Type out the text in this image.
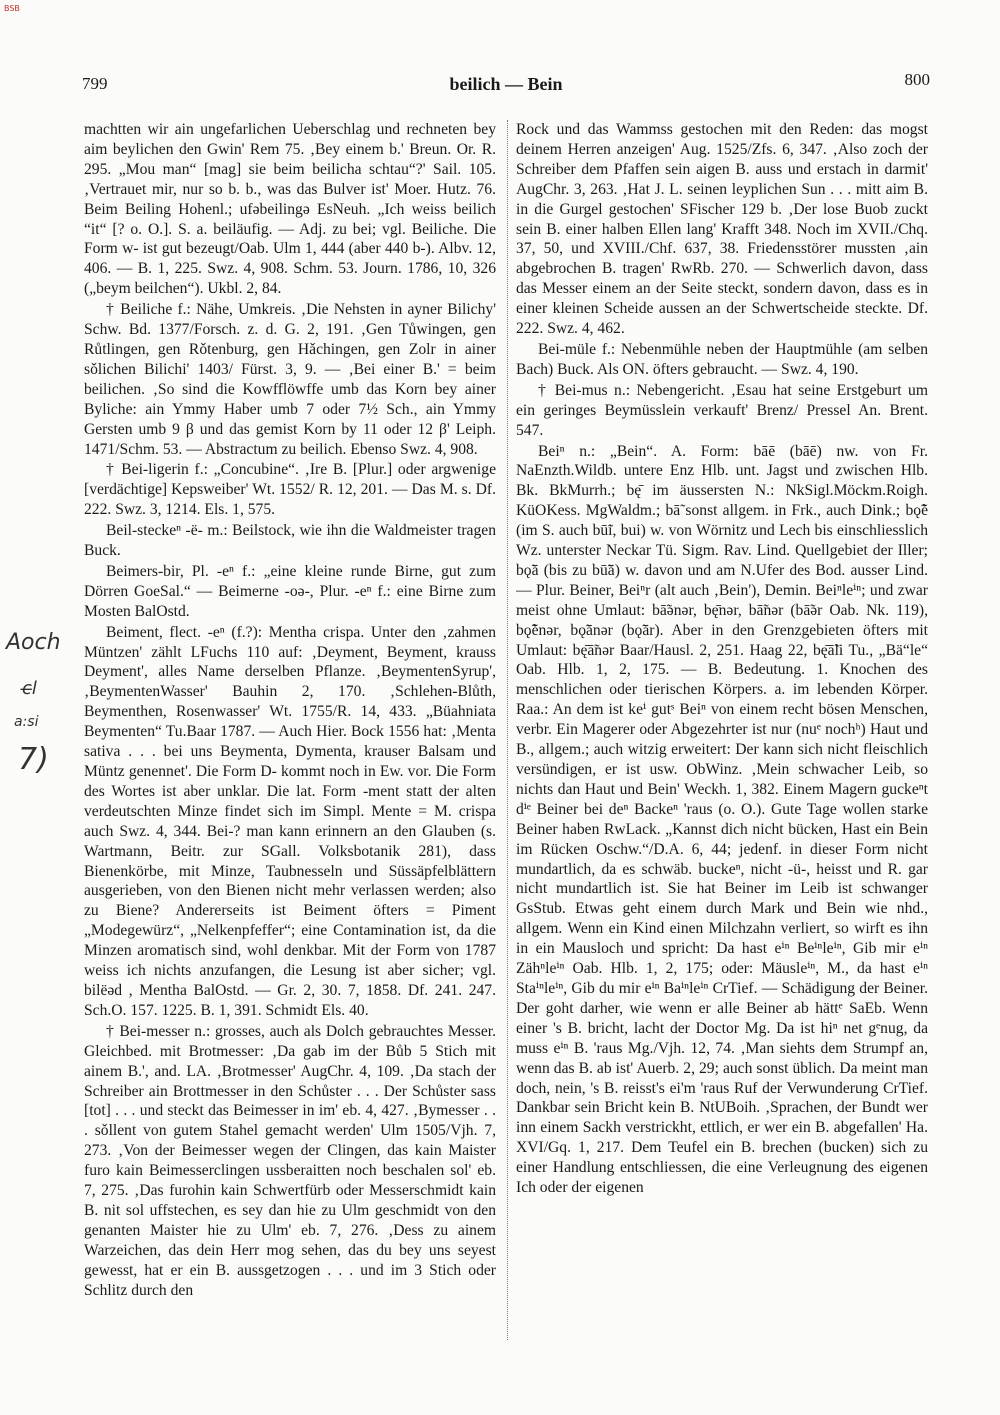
BSB
799	beilich — Bein	800
Aoch
c̶l
a:si
7)

machtten wir ain ungefarlichen Ueberschlag und rechneten bey aim beylichen den Gwin' Rem 75. ‚Bey einem b.' Breun. Or. R. 295. „Mou man“ [mag] sie beim beilicha schtau“?' Sail. 105. ‚Vertrauet mir, nur so b. b., was das Bulver ist' Moer. Hutz. 76. Beim Beiling Hohenl.; ufǝbeilingǝ EsNeuh. „Ich weiss beilich “it“ [? o. O.]. S. a. beiläufig. — Adj. zu bei; vgl. Beiliche. Die Form w- ist gut bezeugt/Oab. Ulm 1, 444 (aber 440 b-). Albv. 12, 406. — B. 1, 225. Swz. 4, 908. Schm. 53. Journ. 1786, 10, 326 („beym beilchen“). Ukbl. 2, 84.

† Beiliche f.: Nähe, Umkreis. ‚Die Nehsten in ayner Bilichy' Schw. Bd. 1377/Forsch. z. d. G. 2, 191. ‚Gen Tůwingen, gen Růtlingen, gen Rǒtenburg, gen Hǎchingen, gen Zolr in ainer sǒlichen Bilichi' 1403/ Fürst. 3, 9. — ‚Bei einer B.' = beim beilichen. ‚So sind die Kowfflöwffe umb das Korn bey ainer Byliche: ain Ymmy Haber umb 7 oder 7½ Sch., ain Ymmy Gersten umb 9 β und das gemist Korn by 11 oder 12 β' Leiph. 1471/Schm. 53. — Abstractum zu beilich. Ebenso Swz. 4, 908.

† Bei-ligerin f.: „Concubine“. ‚Ire B. [Plur.] oder argwenige [verdächtige] Kepsweiber' Wt. 1552/ R. 12, 201. — Das M. s. Df. 222. Swz. 3, 1214. Els. 1, 575.

Beil-steckeⁿ -ë- m.: Beilstock, wie ihn die Waldmeister tragen Buck.

Beimers-bir, Pl. -eⁿ f.: „eine kleine runde Birne, gut zum Dörren GoeSal.“ — Beimerne -oǝ-, Plur. -eⁿ f.: eine Birne zum Mosten BalOstd.

Beiment, flect. -eⁿ (f.?): Mentha crispa. Unter den ‚zahmen Müntzen' zählt LFuchs 110 auf: ‚Deyment, Beyment, krauss Deyment', alles Name derselben Pflanze. ‚BeymentenSyrup', ‚BeymentenWasser' Bauhin 2, 170. ‚Schlehen-Blůth, Beymenthen, Rosenwasser' Wt. 1755/R. 14, 433. „Büahniata Beymenten“ Tu.Baar 1787. — Auch Hier. Bock 1556 hat: ‚Menta sativa . . . bei uns Beymenta, Dymenta, krauser Balsam und Müntz genennet'. Die Form D- kommt noch in Ew. vor. Die Form des Wortes ist aber unklar. Die lat. Form -ment statt der alten verdeutschten Minze findet sich im Simpl. Mente = M. crispa auch Swz. 4, 344. Bei-? man kann erinnern an den Glauben (s. Wartmann, Beitr. zur SGall. Volksbotanik 281), dass Bienenkörbe, mit Minze, Taubnesseln und Süssäpfelblättern ausgerieben, von den Bienen nicht mehr verlassen werden; also zu Biene? Andererseits ist Beiment öfters = Piment „Modegewürz“, „Nelkenpfeffer“; eine Contamination ist, da die Minzen aromatisch sind, wohl denkbar. Mit der Form von 1787 weiss ich nichts anzufangen, die Lesung ist aber sicher; vgl. bilëǝd , Mentha BalOstd. — Gr. 2, 30. 7, 1858. Df. 241. 247. Sch.O. 157. 1225. B. 1, 391. Schmidt Els. 40.

† Bei-messer n.: grosses, auch als Dolch gebrauchtes Messer. Gleichbed. mit Brotmesser: ‚Da gab im der Bůb 5 Stich mit ainem B.', and. LA. ‚Brotmesser' AugChr. 4, 109. ‚Da stach der Schreiber ain Brottmesser in den Schůster . . . Der Schůster sass [tot] . . . und steckt das Beimesser in im' eb. 4, 427. ‚Bymesser . . . sǒllent von gutem Stahel gemacht werden' Ulm 1505/Vjh. 7, 273. ‚Von der Beimesser wegen der Clingen, das kain Maister furo kain Beimesserclingen ussberaitten noch beschalen sol' eb. 7, 275. ‚Das furohin kain Schwertfürb oder Messerschmidt kain B. nit sol uffstechen, es sey dan hie zu Ulm geschmidt von den genanten Maister hie zu Ulm' eb. 7, 276. ‚Dess zu ainem Warzeichen, das dein Herr mog sehen, das du bey uns seyest gewesst, hat er ein B. aussgetzogen . . . und im 3 Stich oder Schlitz durch den

Rock und das Wammss gestochen mit den Reden: das mogst deinem Herren anzeigen' Aug. 1525/Zfs. 6, 347. ‚Also zoch der Schreiber dem Pfaffen sein aigen B. auss und erstach in darmit' AugChr. 3, 263. ‚Hat J. L. seinen leyplichen Sun . . . mitt aim B. in die Gurgel gestochen' SFischer 129 b. ‚Der lose Buob zuckt sein B. einer halben Ellen lang' Krafft 348. Noch im XVII./Chq. 37, 50, und XVIII./Chf. 637, 38. Friedensstörer mussten ‚ain abgebrochen B. tragen' RwRb. 270. — Schwerlich davon, dass das Messer einem an der Seite steckt, sondern davon, dass es in einer kleinen Scheide aussen an der Schwertscheide steckte. Df. 222. Swz. 4, 462.

Bei-müle f.: Nebenmühle neben der Hauptmühle (am selben Bach) Buck. Als ON. öfters gebraucht. — Swz. 4, 190.

† Bei-mus n.: Nebengericht. ‚Esau hat seine Erstgeburt um ein geringes Beymüsslein verkauft' Brenz/ Pressel An. Brent. 547.

Beiⁿ n.: „Bein“. A. Form: bāē (bāē) nw. von Fr. NaEnzth.Wildb. untere Enz Hlb. unt. Jagst und zwischen Hlb. Bk. BkMurrh.; bę̄ im äussersten N.: NkSigl.Möckm.Roigh. KüOKess. MgWaldm.; bā̃ sonst allgem. in Frk., auch Dink.; bǫ̃ẽ (im S. auch bū̃i, bui) w. von Wörnitz und Lech bis einschliesslich Wz. unterster Neckar Tü. Sigm. Rav. Lind. Quellgebiet der Iller; bǫ̃ā (bis zu bū̃ā) w. davon und am N.Ufer des Bod. ausser Lind. — Plur. Beiner, Beiⁿr (alt auch ‚Bein'), Demin. Beiⁿleⁱⁿ; und zwar meist ohne Umlaut: bā̃ǝnǝr, bę̄nǝr, bā̃nǝr (bā̃ǝr Oab. Nk. 119), bǫ̃ẽnǝr, bǫ̃ānǝr (bǫ̃ār). Aber in den Grenzgebieten öfters mit Umlaut: bę̄ā̃nǝr Baar/Hausl. 2, 251. Haag 22, bę̄ā̃li Tu., „Bä“le“ Oab. Hlb. 1, 2, 175. — B. Bedeutung. 1. Knochen des menschlichen oder tierischen Körpers. a. im lebenden Körper. Raa.: An dem ist keⁱ gutˢ Beiⁿ von einem recht bösen Menschen, verbr. Ein Magerer oder Abgezehrter ist nur (nuᵉ nochʰ) Haut und B., allgem.; auch witzig erweitert: Der kann sich nicht fleischlich versündigen, er ist usw. ObWinz. ‚Mein schwacher Leib, so nichts dan Haut und Bein' Weckh. 1, 382. Einem Magern guckeⁿt dⁱᵉ Beiner bei deⁿ Backeⁿ 'raus (o. O.). Gute Tage wollen starke Beiner haben RwLack. „Kannst dich nicht bücken, Hast ein Bein im Rücken Oschw.“/D.A. 6, 44; jedenf. in dieser Form nicht mundartlich, da es schwäb. buckeⁿ, nicht -ü-, heisst und R. gar nicht mundartlich ist. Sie hat Beiner im Leib ist schwanger GsStub. Etwas geht einem durch Mark und Bein wie nhd., allgem. Wenn ein Kind einen Milchzahn verliert, so wirft es ihn in ein Mausloch und spricht: Da hast eⁱⁿ Beⁱⁿleⁱⁿ, Gib mir eⁱⁿ Zähⁿleⁱⁿ Oab. Hlb. 1, 2, 175; oder: Mäusleⁱⁿ, M., da hast eⁱⁿ Staⁱⁿleⁱⁿ, Gib du mir eⁱⁿ Baⁱⁿleⁱⁿ CrTief. — Schädigung der Beiner. Der goht darher, wie wenn er alle Beiner ab hättᵉ SaEb. Wenn einer 's B. bricht, lacht der Doctor Mg. Da ist hiⁿ net gᵉnug, da muss eⁱⁿ B. 'raus Mg./Vjh. 12, 74. ‚Man siehts dem Strumpf an, wenn das B. ab ist' Auerb. 2, 29; auch sonst üblich. Da meint man doch, nein, 's B. reisst's ei'm 'raus Ruf der Verwunderung CrTief. Dankbar sein Bricht kein B. NtUBoih. ‚Sprachen, der Bundt wer inn einem Sackh verstrickht, ettlich, er wer ein B. abgefallen' Ha. XVI/Gq. 1, 217. Dem Teufel ein B. brechen (bucken) sich zu einer Handlung entschliessen, die eine Verleugnung des eigenen Ich oder der eigenen
